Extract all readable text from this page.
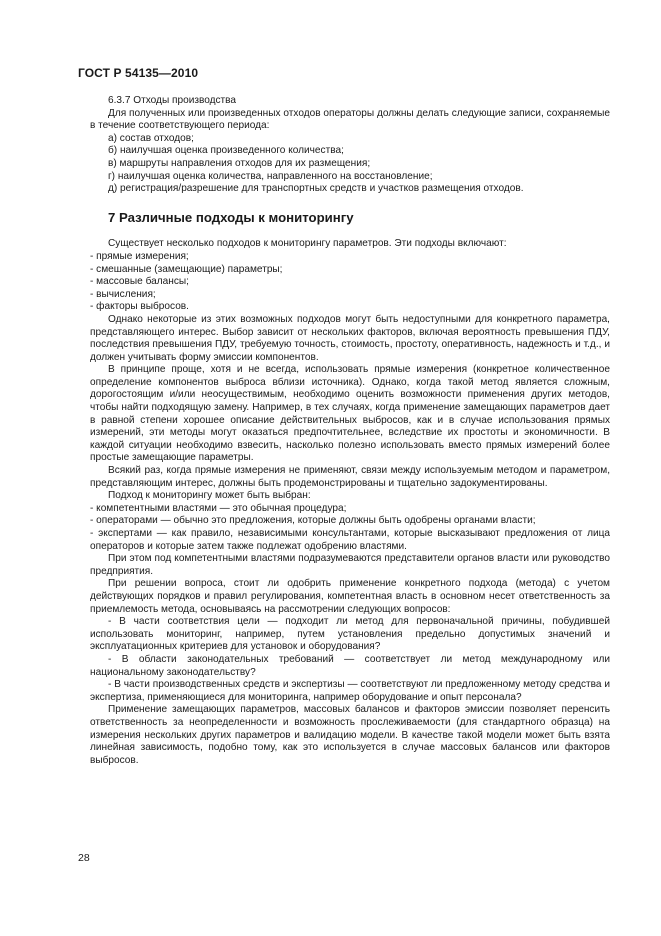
ГОСТ Р 54135—2010

6.3.7 Отходы производства

Для полученных или произведенных отходов операторы должны делать следующие записи, сохраняемые в течение соответствующего периода:

а) состав отходов;

б) наилучшая оценка произведенного количества;

в) маршруты направления отходов для их размещения;

г) наилучшая оценка количества, направленного на восстановление;

д) регистрация/разрешение для транспортных средств и участков размещения отходов.

7 Различные подходы к мониторингу

Существует несколько подходов к мониторингу параметров. Эти подходы включают:

- прямые измерения;

- смешанные (замещающие) параметры;

- массовые балансы;

- вычисления;

- факторы выбросов.

Однако некоторые из этих возможных подходов могут быть недоступными для конкретного параметра, представляющего интерес. Выбор зависит от нескольких факторов, включая вероятность превышения ПДУ, последствия превышения ПДУ, требуемую точность, стоимость, простоту, оперативность, надежность и т.д., и должен учитывать форму эмиссии компонентов.

В принципе проще, хотя и не всегда, использовать прямые измерения (конкретное количественное определение компонентов выброса вблизи источника). Однако, когда такой метод является сложным, дорогостоящим и/или неосуществимым, необходимо оценить возможности применения других методов, чтобы найти подходящую замену. Например, в тех случаях, когда применение замещающих параметров дает в равной степени хорошее описание действительных выбросов, как и в случае использования прямых измерений, эти методы могут оказаться предпочтительнее, вследствие их простоты и экономичности. В каждой ситуации необходимо взвесить, насколько полезно использовать вместо прямых измерений более простые замещающие параметры.

Всякий раз, когда прямые измерения не применяют, связи между используемым методом и параметром, представляющим интерес, должны быть продемонстрированы и тщательно задокументированы.

Подход к мониторингу может быть выбран:

- компетентными властями — это обычная процедура;

- операторами — обычно это предложения, которые должны быть одобрены органами власти;

- экспертами — как правило, независимыми консультантами, которые высказывают предложения от лица операторов и которые затем также подлежат одобрению властями.

При этом под компетентными властями подразумеваются представители органов власти или руководство предприятия.

При решении вопроса, стоит ли одобрить применение конкретного подхода (метода) с учетом действующих порядков и правил регулирования, компетентная власть в основном несет ответственность за приемлемость метода, основываясь на рассмотрении следующих вопросов:

- В части соответствия цели — подходит ли метод для первоначальной причины, побудившей использовать мониторинг, например, путем установления предельно допустимых значений и эксплуатационных критериев для установок и оборудования?

- В области законодательных требований — соответствует ли метод международному или национальному законодательству?

- В части производственных средств и экспертизы — соответствуют ли предложенному методу средства и экспертиза, применяющиеся для мониторинга, например оборудование и опыт персонала?

Применение замещающих параметров, массовых балансов и факторов эмиссии позволяет перенсить ответственность за неопределенности и возможность прослеживаемости (для стандартного образца) на измерения нескольких других параметров и валидацию модели. В качестве такой модели может быть взята линейная зависимость, подобно тому, как это используется в случае массовых балансов или факторов выбросов.

28
